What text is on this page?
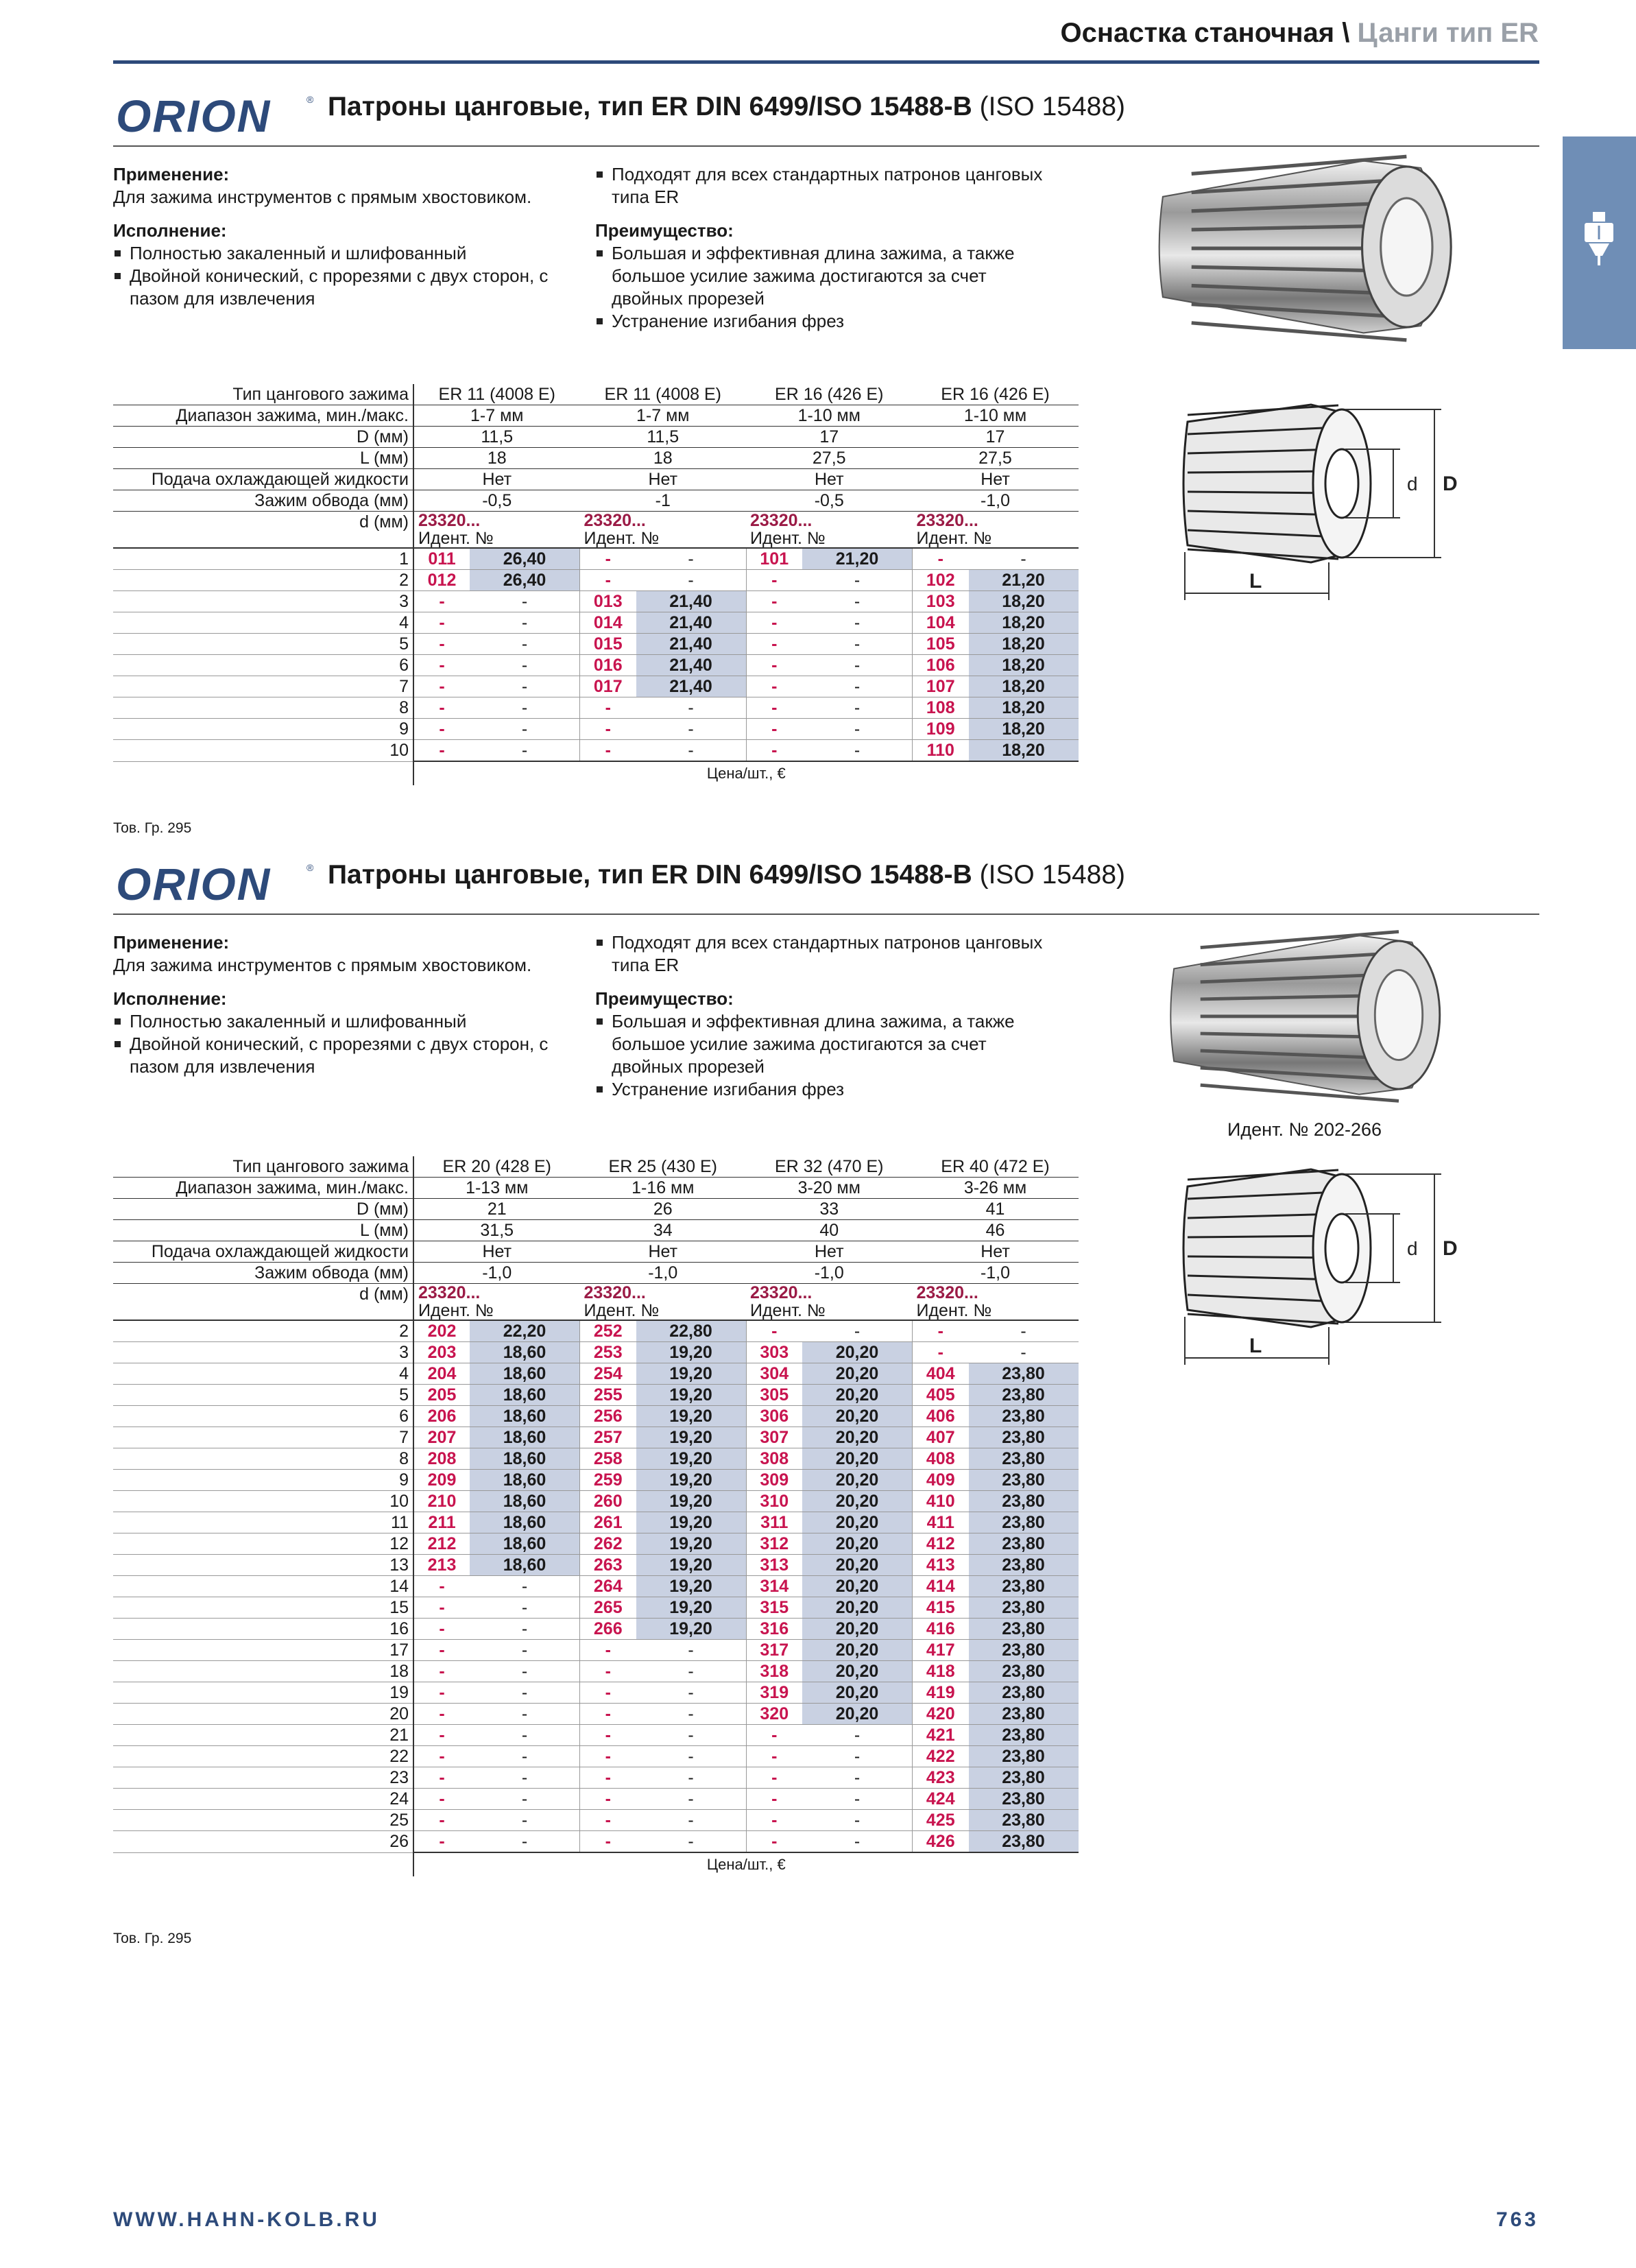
Оснастка станочная \ Цанги тип ER
ORION	® Патроны цанговые, тип ER DIN 6499/ISO 15488-B (ISO 15488)
Применение:
Для зажима инструментов с прямым хвостовиком.
Исполнение:
Полностью закаленный и шлифованный
Двойной конический, с прорезями с двух сторон, с пазом для извлечения
Подходят для всех стандартных патронов цанговых типа ER
Преимущество:
Большая и эффективная длина зажима, а также большое усилие зажима достигаются за счет двойных прорезей
Устранение изгибания фрез
ORION	® Патроны цанговые, тип ER DIN 6499/ISO 15488-B (ISO 15488)
Применение:
Для зажима инструментов с прямым хвостовиком.
Исполнение:
Полностью закаленный и шлифованный
Двойной конический, с прорезями с двух сторон, с пазом для извлечения
Подходят для всех стандартных патронов цанговых типа ER
Преимущество:
Большая и эффективная длина зажима, а также большое усилие зажима достигаются за счет двойных прорезей
Устранение изгибания фрез
WWW.HAHN-KOLB.RU	763
d D
L
Тип цангового зажима	ER 11 (4008 E)		ER 11 (4008 E)		ER 16 (426 E)		ER 16 (426 E)	
Диапазон зажима, мин./макс.	1-7 мм		1-7 мм		1-10 мм		1-10 мм	
D (мм)	11,5		11,5		17		17	
L (мм)	18		18		27,5		27,5	
Подача охлаждающей жидкости	Нет		Нет		Нет		Нет	
Зажим обвода (мм)	-0,5		-1		-0,5		-1,0	
d (мм)	23320...		23320...		23320...		23320...	
	Идент. №		Идент. №		Идент. №		Идент. №	
1	011	26,40	-	-	101	21,20	-	-
2	012	26,40	-	-	-	-	102	21,20
3	-	-	013	21,40	-	-	103	18,20
4	-	-	014	21,40	-	-	104	18,20
5	-	-	015	21,40	-	-	105	18,20
6	-	-	016	21,40	-	-	106	18,20
7	-	-	017	21,40	-	-	107	18,20
8	-	-	-	-	-	-	108	18,20
9	-	-	-	-	-	-	109	18,20
10	-	-	-	-	-	-	110	18,20
	Цена/шт., €							
Тов. Гр. 295
Идент. № 202-266
d D
L
Тип цангового зажима	ER 20 (428 E)		ER 25 (430 E)		ER 32 (470 E)		ER 40 (472 E)	
Диапазон зажима, мин./макс.	1-13 мм		1-16 мм		3-20 мм		3-26 мм	
D (мм)	21		26		33		41	
L (мм)	31,5		34		40		46	
Подача охлаждающей жидкости	Нет		Нет		Нет		Нет	
Зажим обвода (мм)	-1,0		-1,0		-1,0		-1,0	
d (мм)	23320...		23320...		23320...		23320...	
	Идент. №		Идент. №		Идент. №		Идент. №	
2	202	22,20	252	22,80	-	-	-	-
3	203	18,60	253	19,20	303	20,20	-	-
4	204	18,60	254	19,20	304	20,20	404	23,80
5	205	18,60	255	19,20	305	20,20	405	23,80
6	206	18,60	256	19,20	306	20,20	406	23,80
7	207	18,60	257	19,20	307	20,20	407	23,80
8	208	18,60	258	19,20	308	20,20	408	23,80
9	209	18,60	259	19,20	309	20,20	409	23,80
10	210	18,60	260	19,20	310	20,20	410	23,80
11	211	18,60	261	19,20	311	20,20	411	23,80
12	212	18,60	262	19,20	312	20,20	412	23,80
13	213	18,60	263	19,20	313	20,20	413	23,80
14	-	-	264	19,20	314	20,20	414	23,80
15	-	-	265	19,20	315	20,20	415	23,80
16	-	-	266	19,20	316	20,20	416	23,80
17	-	-	-	-	317	20,20	417	23,80
18	-	-	-	-	318	20,20	418	23,80
19	-	-	-	-	319	20,20	419	23,80
20	-	-	-	-	320	20,20	420	23,80
21	-	-	-	-	-	-	421	23,80
22	-	-	-	-	-	-	422	23,80
23	-	-	-	-	-	-	423	23,80
24	-	-	-	-	-	-	424	23,80
25	-	-	-	-	-	-	425	23,80
26	-	-	-	-	-	-	426	23,80
	Цена/шт., €							
Тов. Гр. 295
